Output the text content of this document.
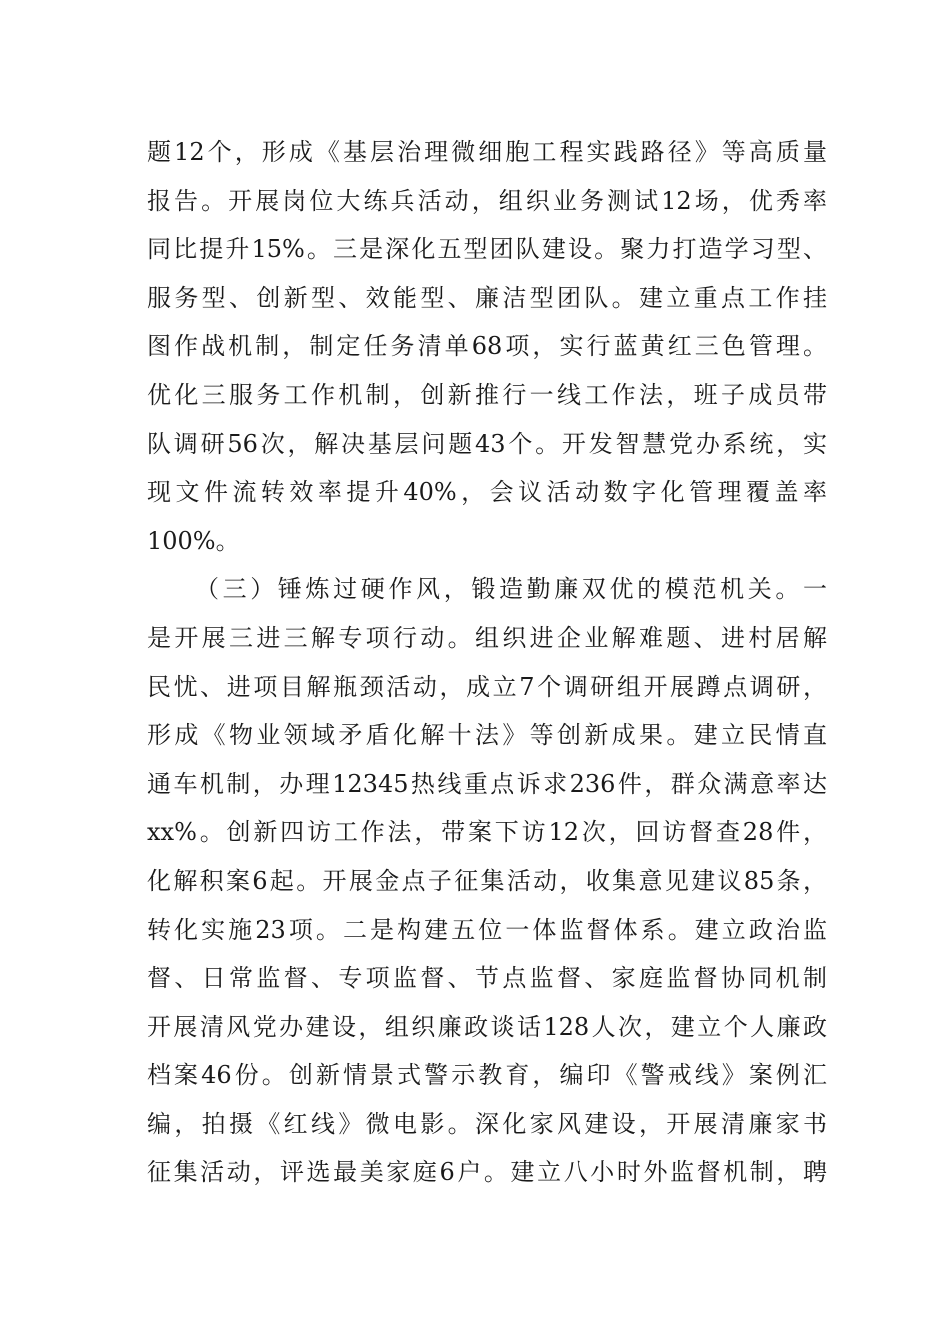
题12个，形成《基层治理微细胞工程实践路径》等高质量
报告。开展岗位大练兵活动，组织业务测试12场，优秀率
同比提升15%。三是深化五型团队建设。聚力打造学习型、
服务型、创新型、效能型、廉洁型团队。建立重点工作挂
图作战机制，制定任务清单68项，实行蓝黄红三色管理。
优化三服务工作机制，创新推行一线工作法，班子成员带
队调研56次，解决基层问题43个。开发智慧党办系统，实
现文件流转效率提升40%，会议活动数字化管理覆盖率
100%。
（三）锤炼过硬作风，锻造勤廉双优的模范机关。一
是开展三进三解专项行动。组织进企业解难题、进村居解
民忧、进项目解瓶颈活动，成立7个调研组开展蹲点调研，
形成《物业领域矛盾化解十法》等创新成果。建立民情直
通车机制，办理12345热线重点诉求236件，群众满意率达
xx%。创新四访工作法，带案下访12次，回访督查28件，
化解积案6起。开展金点子征集活动，收集意见建议85条，
转化实施23项。二是构建五位一体监督体系。建立政治监
督、日常监督、专项监督、节点监督、家庭监督协同机制
开展清风党办建设，组织廉政谈话128人次，建立个人廉政
档案46份。创新情景式警示教育，编印《警戒线》案例汇
编，拍摄《红线》微电影。深化家风建设，开展清廉家书
征集活动，评选最美家庭6户。建立八小时外监督机制，聘
